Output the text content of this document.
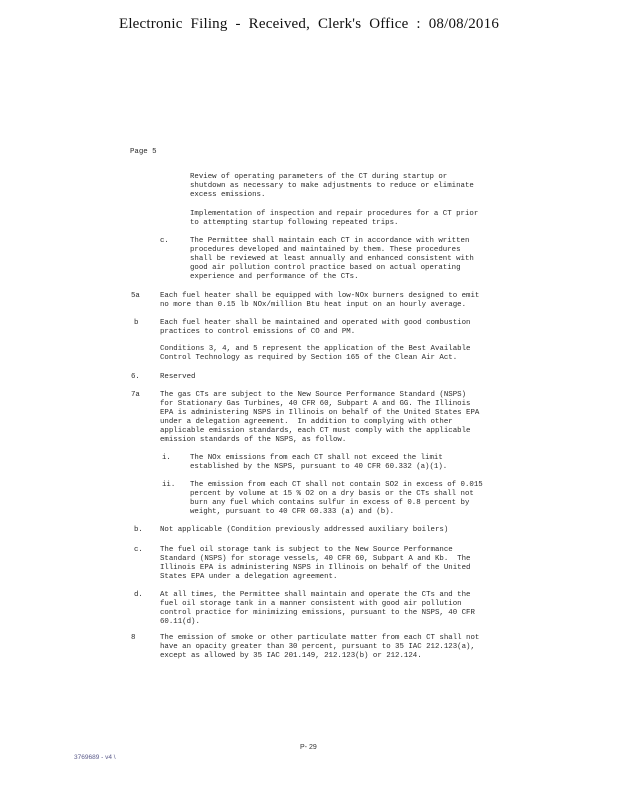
Electronic Filing - Received, Clerk's Office : 08/08/2016
Page 5
Review of operating parameters of the CT during startup or
shutdown as necessary to make adjustments to reduce or eliminate
excess emissions.
Implementation of inspection and repair procedures for a CT prior
to attempting startup following repeated trips.
c.	The Permittee shall maintain each CT in accordance with written
procedures developed and maintained by them. These procedures
shall be reviewed at least annually and enhanced consistent with
good air pollution control practice based on actual operating
experience and performance of the CTs.
5a	Each fuel heater shall be equipped with low-NOx burners designed to emit
no more than 0.15 lb NOx/million Btu heat input on an hourly average.
b	Each fuel heater shall be maintained and operated with good combustion
practices to control emissions of CO and PM.
Conditions 3, 4, and 5 represent the application of the Best Available
Control Technology as required by Section 165 of the Clean Air Act.
6.	Reserved
7a	The gas CTs are subject to the New Source Performance Standard (NSPS)
for Stationary Gas Turbines, 40 CFR 60, Subpart A and GG. The Illinois
EPA is administering NSPS in Illinois on behalf of the United States EPA
under a delegation agreement.  In addition to complying with other
applicable emission standards, each CT must comply with the applicable
emission standards of the NSPS, as follow.
i.	The NOx emissions from each CT shall not exceed the limit
established by the NSPS, pursuant to 40 CFR 60.332 (a)(1).
ii. The emission from each CT shall not contain SO2 in excess of 0.015
percent by volume at 15 % O2 on a dry basis or the CTs shall not
burn any fuel which contains sulfur in excess of 0.8 percent by
weight, pursuant to 40 CFR 60.333 (a) and (b).
b. Not applicable (Condition previously addressed auxiliary boilers)
c. The fuel oil storage tank is subject to the New Source Performance
Standard (NSPS) for storage vessels, 40 CFR 60, Subpart A and Kb.  The
Illinois EPA is administering NSPS in Illinois on behalf of the United
States EPA under a delegation agreement.
d. At all times, the Permittee shall maintain and operate the CTs and the
fuel oil storage tank in a manner consistent with good air pollution
control practice for minimizing emissions, pursuant to the NSPS, 40 CFR
60.11(d).
8	The emission of smoke or other particulate matter from each CT shall not
have an opacity greater than 30 percent, pursuant to 35 IAC 212.123(a),
except as allowed by 35 IAC 201.149, 212.123(b) or 212.124.
P- 29
3769689 - v4 \
